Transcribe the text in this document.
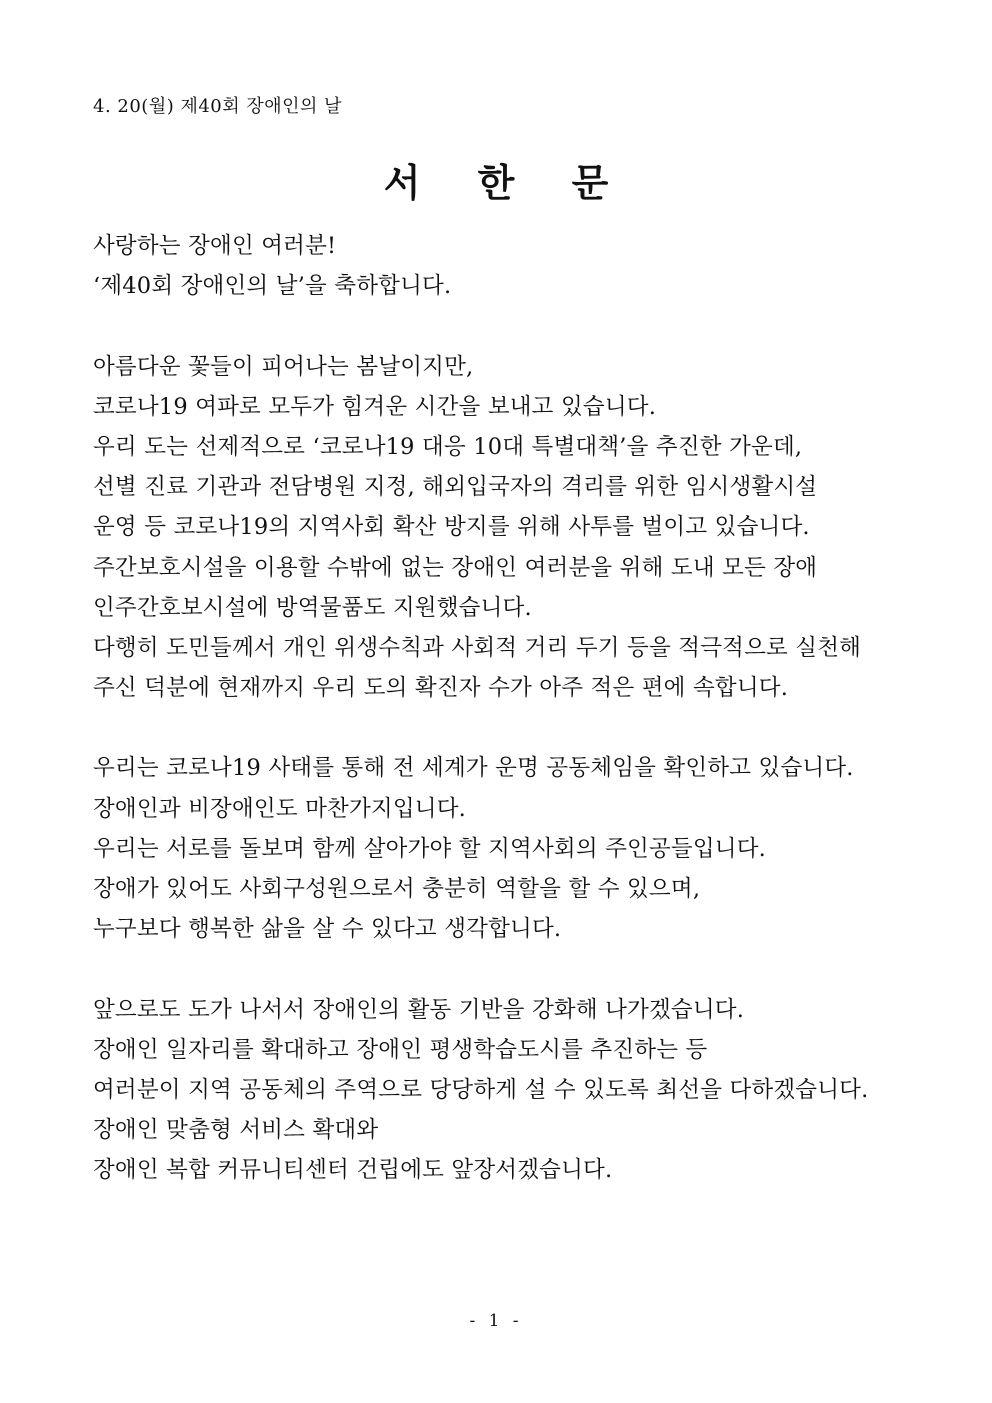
4. 20(월) 제40회 장애인의 날
서 한 문
사랑하는 장애인 여러분!
‘제40회 장애인의 날’을 축하합니다.
아름다운 꽃들이 피어나는 봄날이지만,
코로나19 여파로 모두가 힘겨운 시간을 보내고 있습니다.
우리 도는 선제적으로 ‘코로나19 대응 10대 특별대책’을 추진한 가운데,
선별 진료 기관과 전담병원 지정, 해외입국자의 격리를 위한 임시생활시설
운영 등 코로나19의 지역사회 확산 방지를 위해 사투를 벌이고 있습니다.
주간보호시설을 이용할 수밖에 없는 장애인 여러분을 위해 도내 모든 장애
인주간호보시설에 방역물품도 지원했습니다.
다행히 도민들께서 개인 위생수칙과 사회적 거리 두기 등을 적극적으로 실천해
주신 덕분에 현재까지 우리 도의 확진자 수가 아주 적은 편에 속합니다.
우리는 코로나19 사태를 통해 전 세계가 운명 공동체임을 확인하고 있습니다.
장애인과 비장애인도 마찬가지입니다.
우리는 서로를 돌보며 함께 살아가야 할 지역사회의 주인공들입니다.
장애가 있어도 사회구성원으로서 충분히 역할을 할 수 있으며,
누구보다 행복한 삶을 살 수 있다고 생각합니다.
앞으로도 도가 나서서 장애인의 활동 기반을 강화해 나가겠습니다.
장애인 일자리를 확대하고 장애인 평생학습도시를 추진하는 등
여러분이 지역 공동체의 주역으로 당당하게 설 수 있도록 최선을 다하겠습니다.
장애인 맞춤형 서비스 확대와
장애인 복합 커뮤니티센터 건립에도 앞장서겠습니다.
- 1 -
